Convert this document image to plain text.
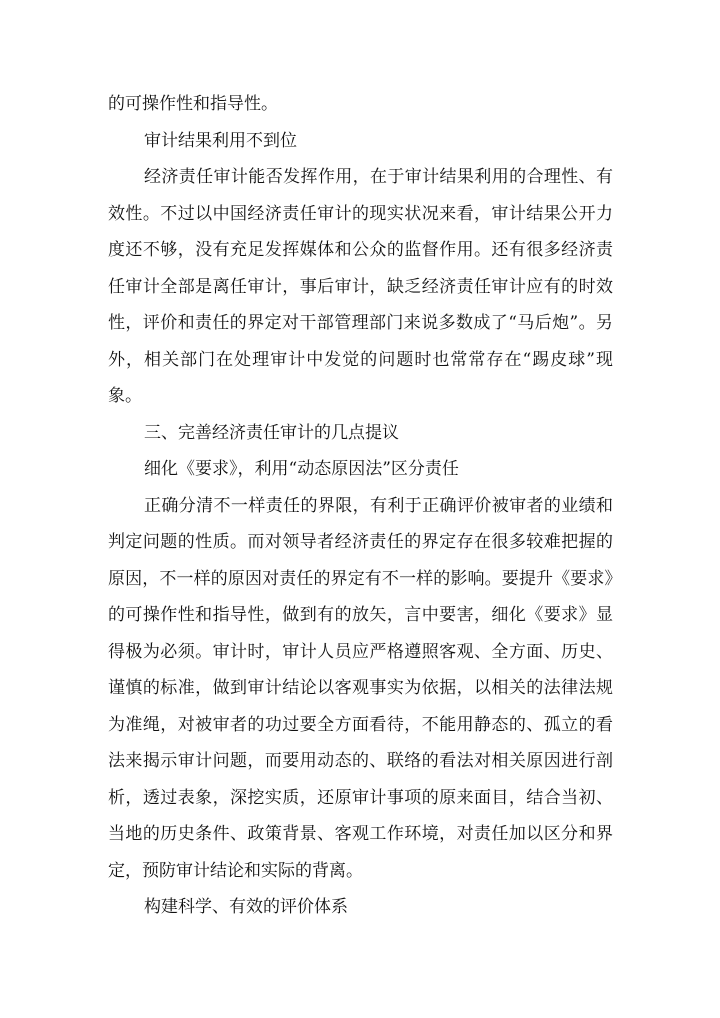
的可操作性和指导性。

审计结果利用不到位

经济责任审计能否发挥作用，在于审计结果利用的合理性、有效性。不过以中国经济责任审计的现实状况来看，审计结果公开力度还不够，没有充足发挥媒体和公众的监督作用。还有很多经济责任审计全部是离任审计，事后审计，缺乏经济责任审计应有的时效性，评价和责任的界定对干部管理部门来说多数成了“马后炮”。另外，相关部门在处理审计中发觉的问题时也常常存在“踢皮球”现象。

三、完善经济责任审计的几点提议

细化《要求》，利用“动态原因法”区分责任

正确分清不一样责任的界限，有利于正确评价被审者的业绩和判定问题的性质。而对领导者经济责任的界定存在很多较难把握的原因，不一样的原因对责任的界定有不一样的影响。要提升《要求》的可操作性和指导性，做到有的放矢，言中要害，细化《要求》显得极为必须。审计时，审计人员应严格遵照客观、全方面、历史、谨慎的标准，做到审计结论以客观事实为依据，以相关的法律法规为准绳，对被审者的功过要全方面看待，不能用静态的、孤立的看法来揭示审计问题，而要用动态的、联络的看法对相关原因进行剖析，透过表象，深挖实质，还原审计事项的原来面目，结合当初、当地的历史条件、政策背景、客观工作环境，对责任加以区分和界定，预防审计结论和实际的背离。

构建科学、有效的评价体系
